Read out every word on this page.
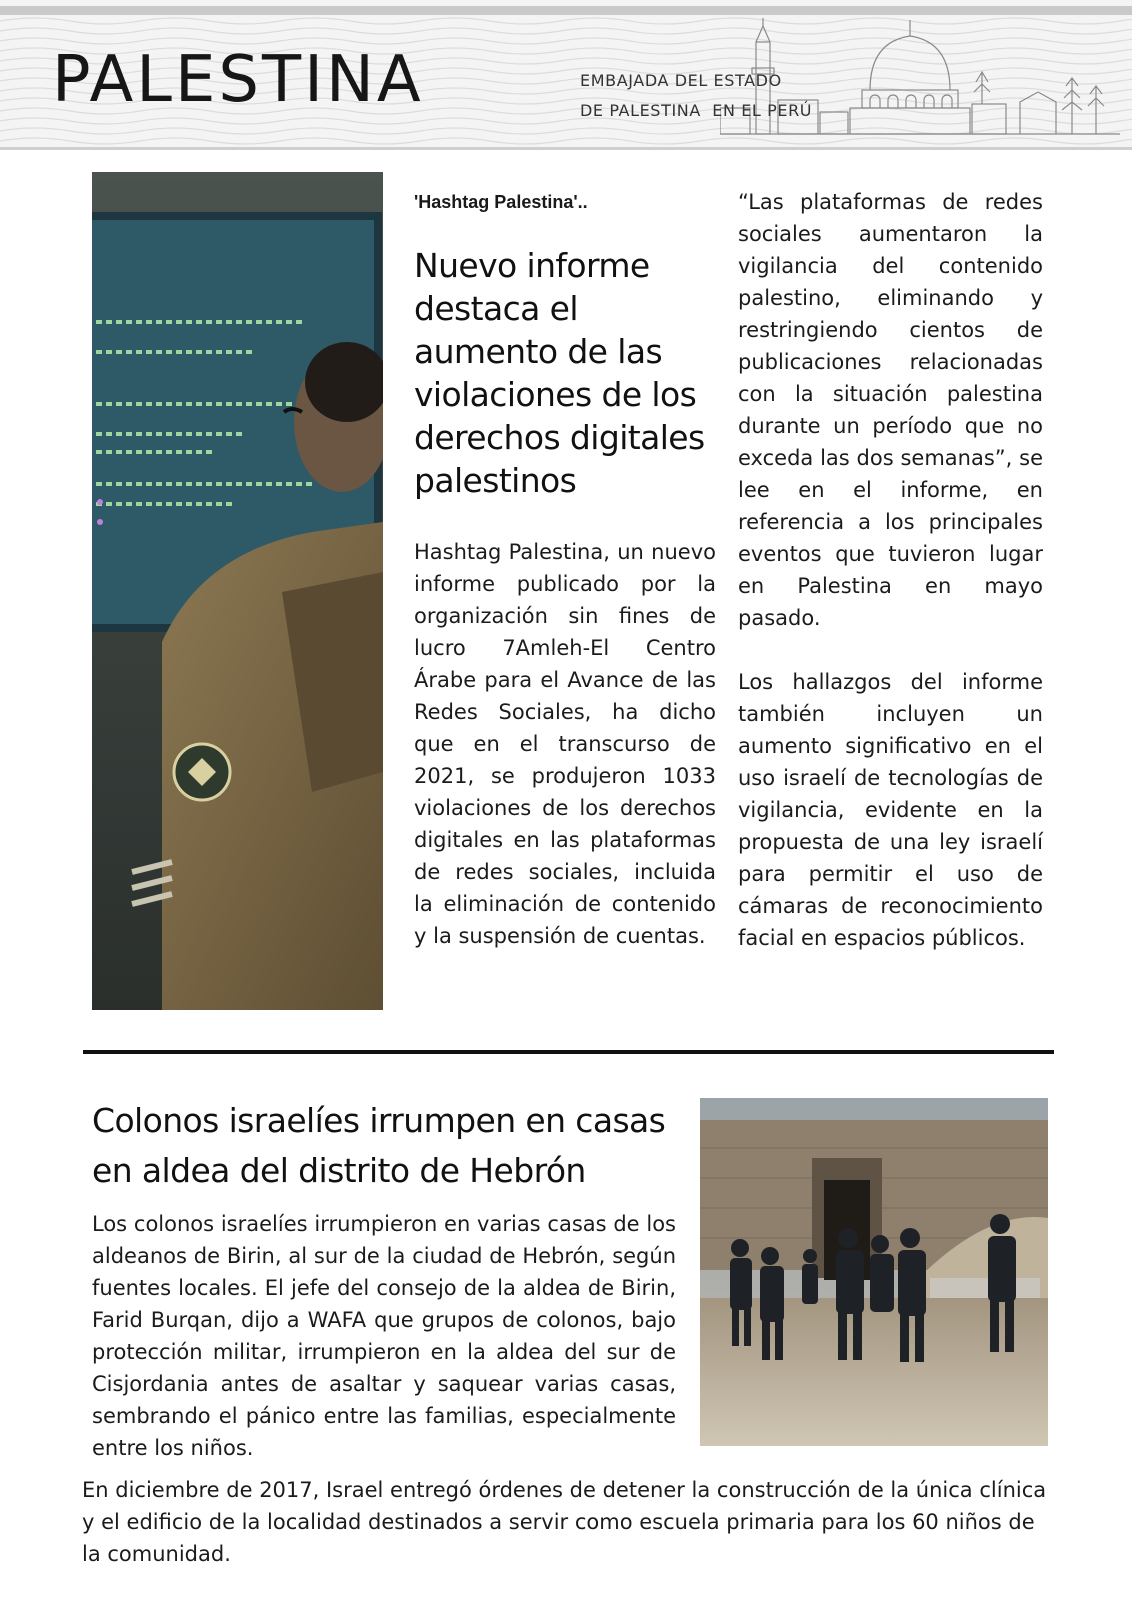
PALESTINA	EMBAJADA DEL ESTADO
DE PALESTINA  EN EL PERÚ
'Hashtag Palestina'..
Nuevo informe destaca el aumento de las violaciones de los derechos digitales palestinos

Hashtag Palestina, un nuevo informe publicado por la organización sin fines de lucro 7Amleh-El Centro Árabe para el Avance de las Redes Sociales, ha dicho que en el transcurso de 2021, se produjeron 1033 violaciones de los derechos digitales en las plataformas de redes sociales, incluida la eliminación de contenido y la suspensión de cuentas.

“Las plataformas de redes sociales aumentaron la vigilancia del contenido palestino, eliminando y restringiendo cientos de publicaciones relacionadas con la situación palestina durante un período que no exceda las dos semanas”, se lee en el informe, en referencia a los principales eventos que tuvieron lugar en Palestina en mayo pasado.

Los hallazgos del informe también incluyen un aumento significativo en el uso israelí de tecnologías de vigilancia, evidente en la propuesta de una ley israelí para permitir el uso de cámaras de reconocimiento facial en espacios públicos.

Colonos israelíes irrumpen en casas en aldea del distrito de Hebrón

Los colonos israelíes irrumpieron en varias casas de los aldeanos de Birin, al sur de la ciudad de Hebrón, según fuentes locales. El jefe del consejo de la aldea de Birin, Farid Burqan, dijo a WAFA que grupos de colonos, bajo protección militar, irrumpieron en la aldea del sur de Cisjordania antes de asaltar y saquear varias casas, sembrando el pánico entre las familias, especialmente entre los niños.

En diciembre de 2017, Israel entregó órdenes de detener la construcción de la única clínica y el edificio de la localidad destinados a servir como escuela primaria para los 60 niños de la comunidad.
